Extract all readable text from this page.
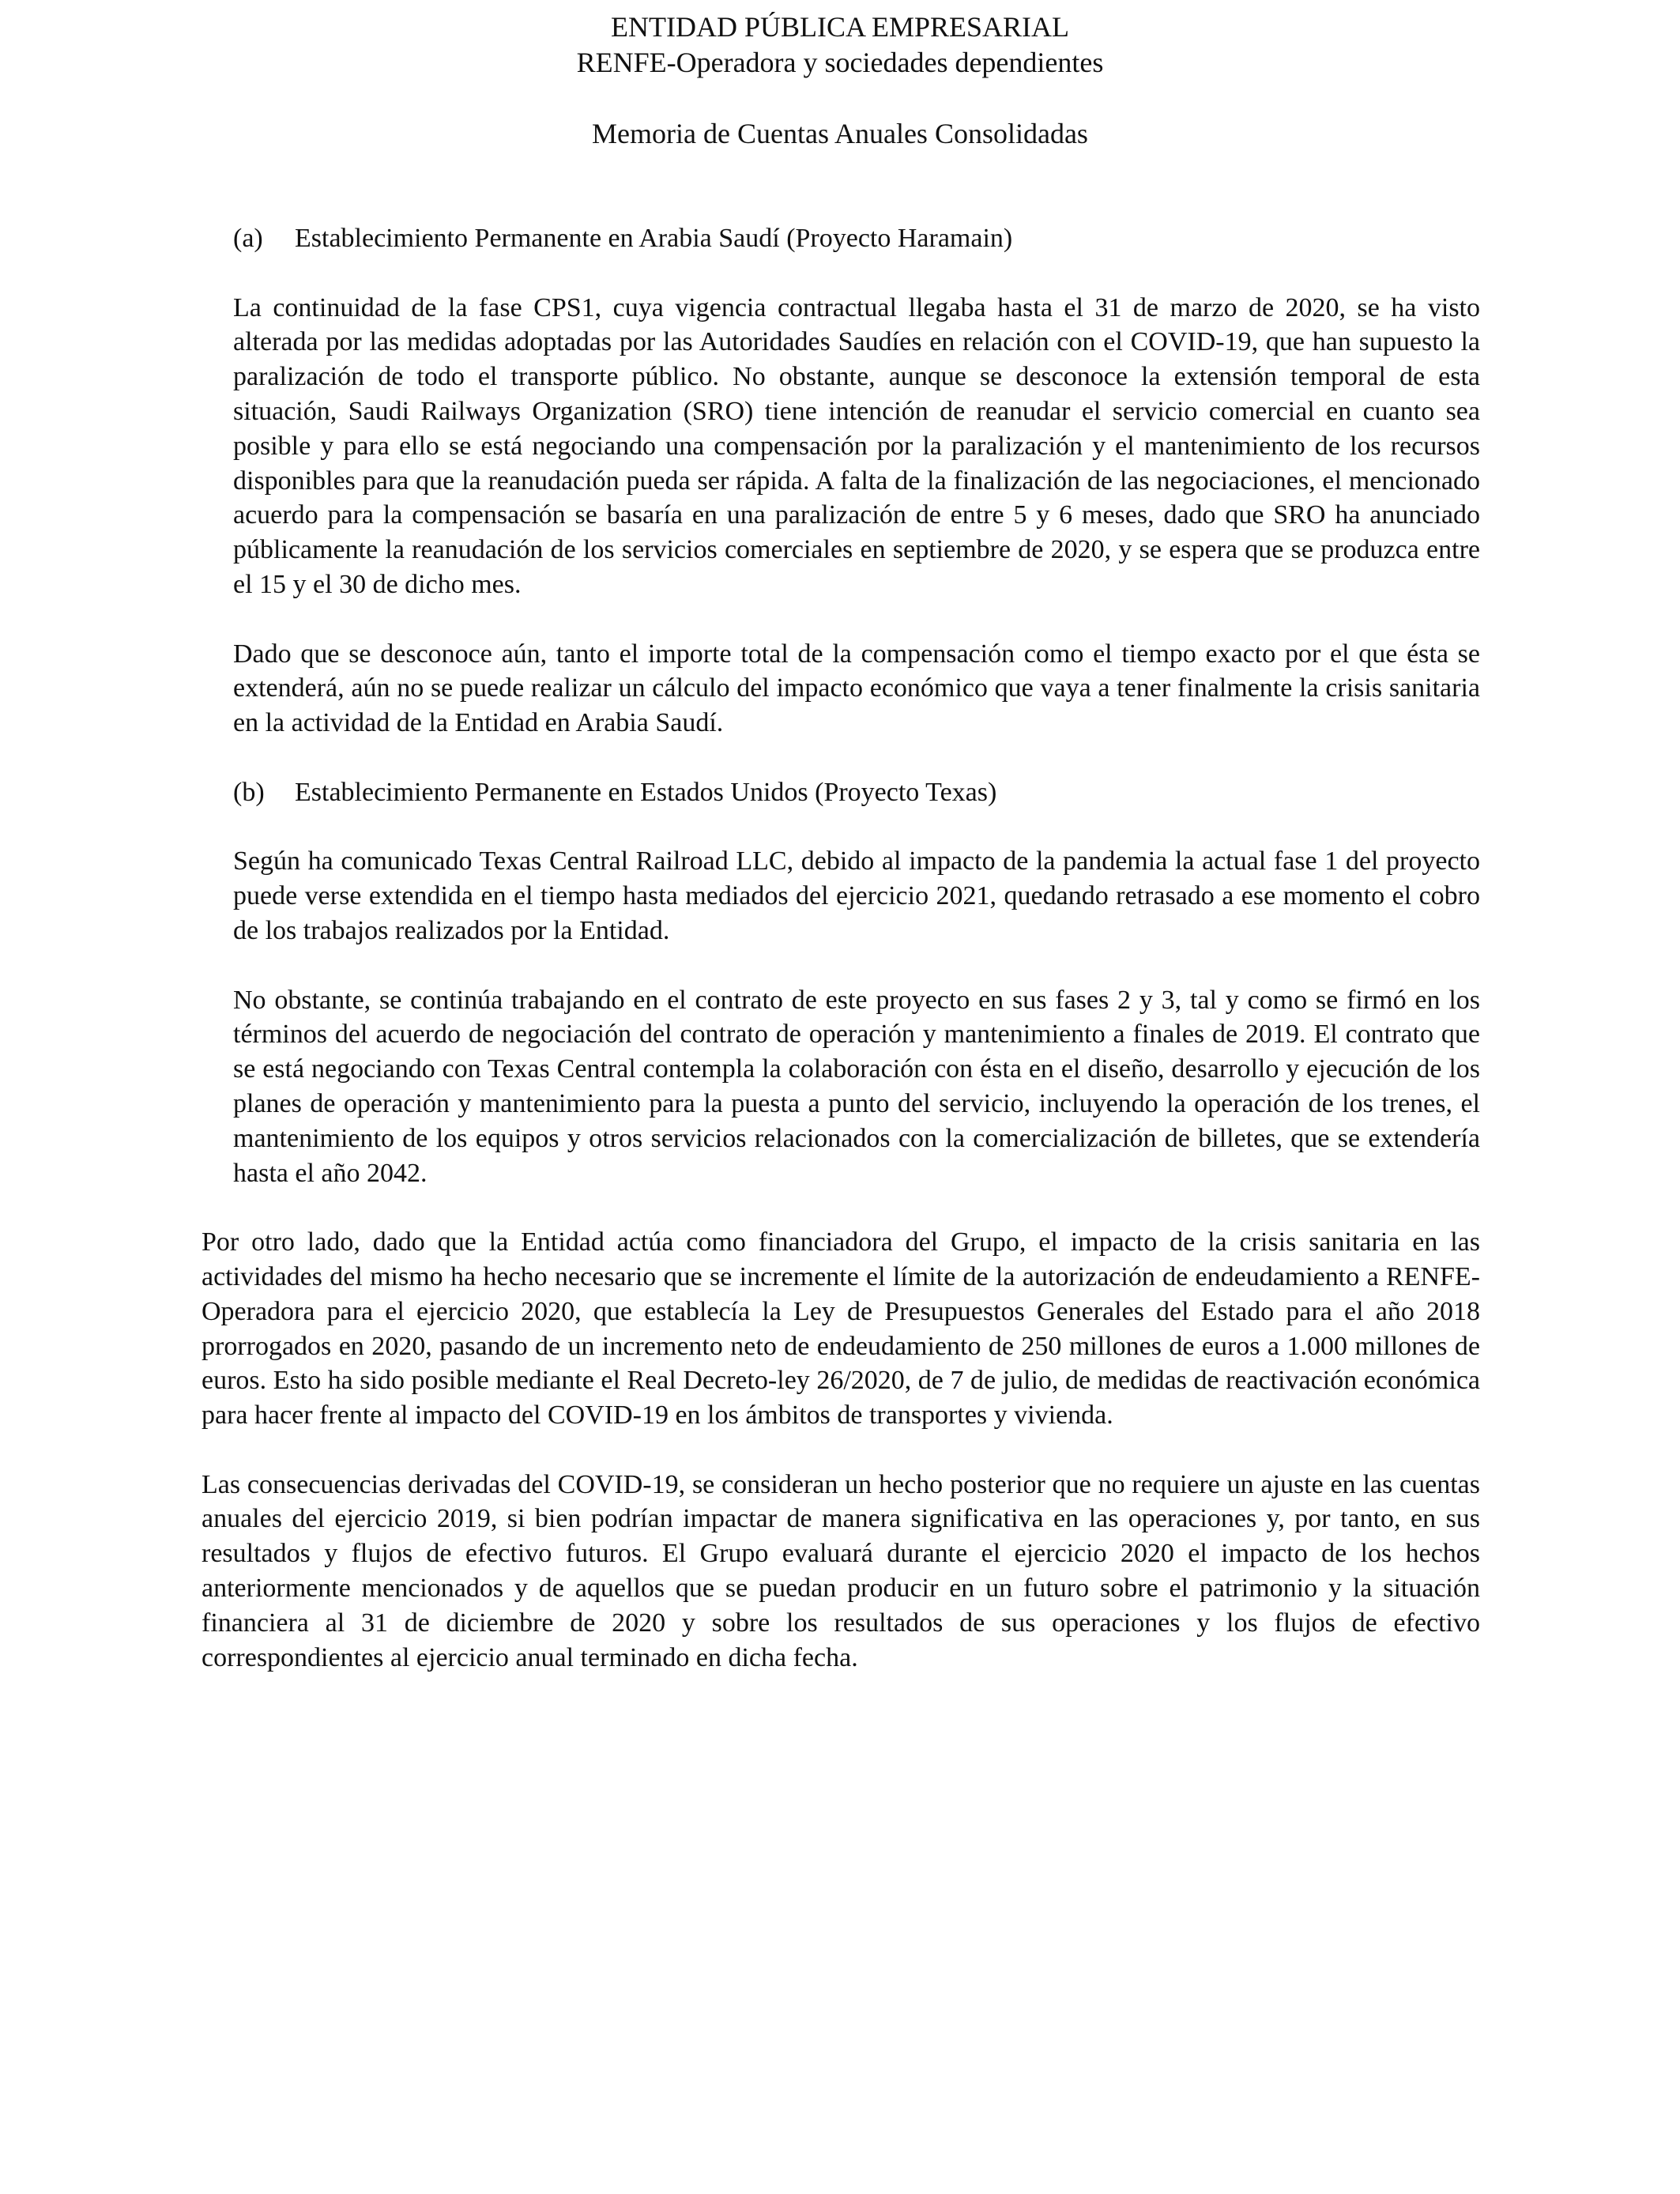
ENTIDAD PÚBLICA EMPRESARIAL
RENFE-Operadora y sociedades dependientes
Memoria de Cuentas Anuales Consolidadas
(a) Establecimiento Permanente en Arabia Saudí (Proyecto Haramain)

La continuidad de la fase CPS1, cuya vigencia contractual llegaba hasta el 31 de marzo de 2020, se ha visto alterada por las medidas adoptadas por las Autoridades Saudíes en relación con el COVID-19, que han supuesto la paralización de todo el transporte público. No obstante, aunque se desconoce la extensión temporal de esta situación, Saudi Railways Organization (SRO) tiene intención de reanudar el servicio comercial en cuanto sea posible y para ello se está negociando una compensación por la paralización y el mantenimiento de los recursos disponibles para que la reanudación pueda ser rápida. A falta de la finalización de las negociaciones, el mencionado acuerdo para la compensación se basaría en una paralización de entre 5 y 6 meses, dado que SRO ha anunciado públicamente la reanudación de los servicios comerciales en septiembre de 2020, y se espera que se produzca entre el 15 y el 30 de dicho mes.

Dado que se desconoce aún, tanto el importe total de la compensación como el tiempo exacto por el que ésta se extenderá, aún no se puede realizar un cálculo del impacto económico que vaya a tener finalmente la crisis sanitaria en la actividad de la Entidad en Arabia Saudí.

(b) Establecimiento Permanente en Estados Unidos (Proyecto Texas)

Según ha comunicado Texas Central Railroad LLC, debido al impacto de la pandemia la actual fase 1 del proyecto puede verse extendida en el tiempo hasta mediados del ejercicio 2021, quedando retrasado a ese momento el cobro de los trabajos realizados por la Entidad.

No obstante, se continúa trabajando en el contrato de este proyecto en sus fases 2 y 3, tal y como se firmó en los términos del acuerdo de negociación del contrato de operación y mantenimiento a finales de 2019. El contrato que se está negociando con Texas Central contempla la colaboración con ésta en el diseño, desarrollo y ejecución de los planes de operación y mantenimiento para la puesta a punto del servicio, incluyendo la operación de los trenes, el mantenimiento de los equipos y otros servicios relacionados con la comercialización de billetes, que se extendería hasta el año 2042.

Por otro lado, dado que la Entidad actúa como financiadora del Grupo, el impacto de la crisis sanitaria en las actividades del mismo ha hecho necesario que se incremente el límite de la autorización de endeudamiento a RENFE-Operadora para el ejercicio 2020, que establecía la Ley de Presupuestos Generales del Estado para el año 2018 prorrogados en 2020, pasando de un incremento neto de endeudamiento de 250 millones de euros a 1.000 millones de euros. Esto ha sido posible mediante el Real Decreto-ley 26/2020, de 7 de julio, de medidas de reactivación económica para hacer frente al impacto del COVID-19 en los ámbitos de transportes y vivienda.

Las consecuencias derivadas del COVID-19, se consideran un hecho posterior que no requiere un ajuste en las cuentas anuales del ejercicio 2019, si bien podrían impactar de manera significativa en las operaciones y, por tanto, en sus resultados y flujos de efectivo futuros. El Grupo evaluará durante el ejercicio 2020 el impacto de los hechos anteriormente mencionados y de aquellos que se puedan producir en un futuro sobre el patrimonio y la situación financiera al 31 de diciembre de 2020 y sobre los resultados de sus operaciones y los flujos de efectivo correspondientes al ejercicio anual terminado en dicha fecha.
